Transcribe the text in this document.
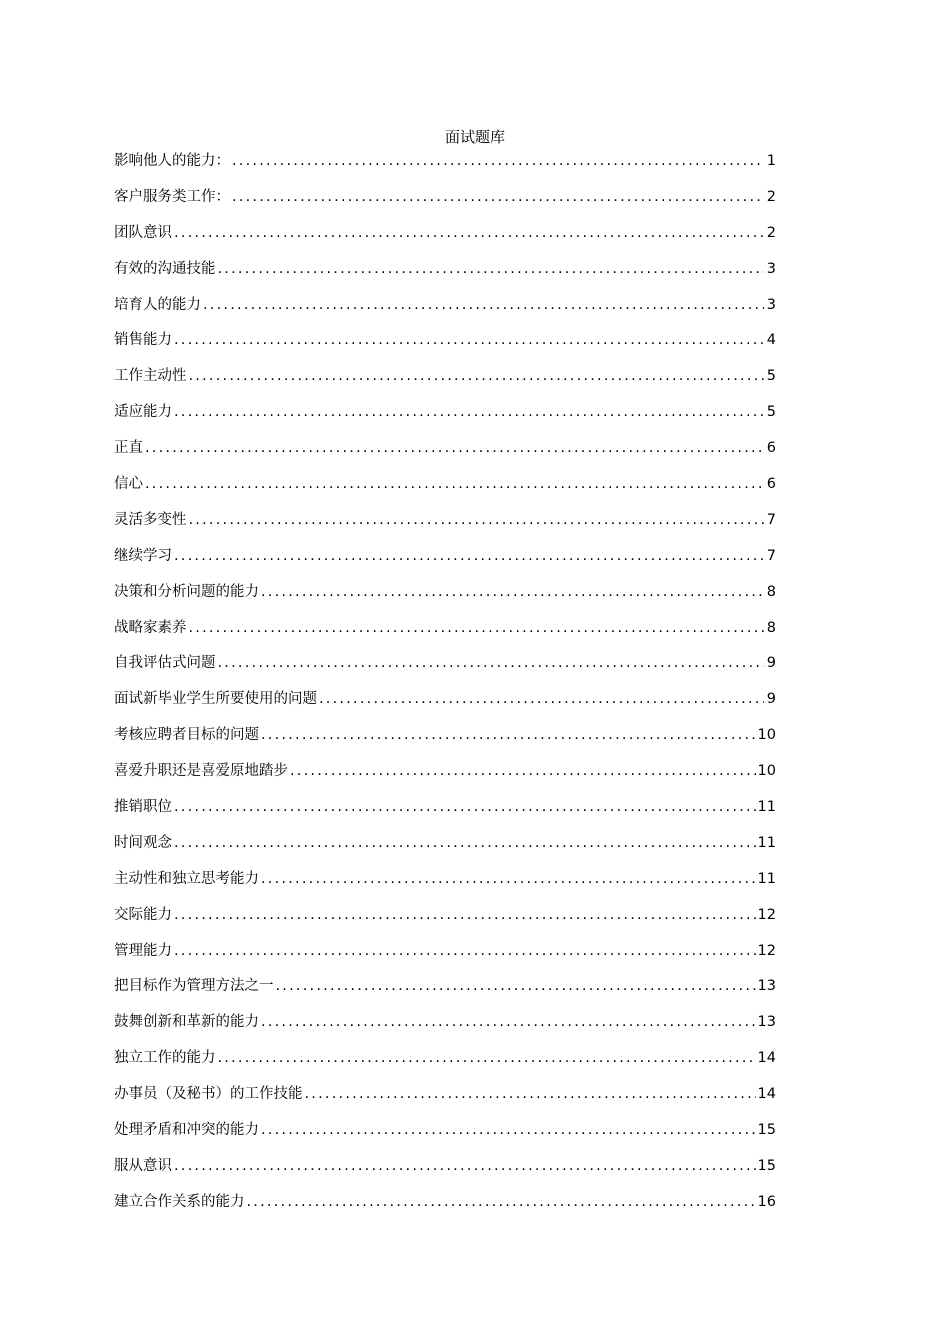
面试题库
影响他人的能力： .....	1
客户服务类工作： .....	2
团队意识 .....	2
有效的沟通技能 .....	3
培育人的能力 .....	3
销售能力 .....	4
工作主动性 .....	5
适应能力 .....	5
正直 .....	6
信心 .....	6
灵活多变性 .....	7
继续学习 .....	7
决策和分析问题的能力 .....	8
战略家素养 .....	8
自我评估式问题 .....	9
面试新毕业学生所要使用的问题 .....	9
考核应聘者目标的问题 .....	10
喜爱升职还是喜爱原地踏步 .....	10
推销职位 .....	11
时间观念 .....	11
主动性和独立思考能力 .....	11
交际能力 .....	12
管理能力 .....	12
把目标作为管理方法之一 .....	13
鼓舞创新和革新的能力 .....	13
独立工作的能力 .....	14
办事员（及秘书）的工作技能 .....	14
处理矛盾和冲突的能力 .....	15
服从意识 .....	15
建立合作关系的能力 .....	16
